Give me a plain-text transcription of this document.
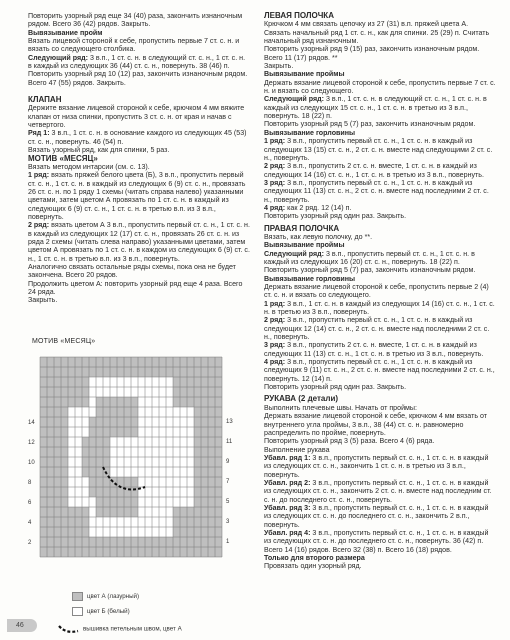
Повторить узорный ряд еще 34 (40) раза, закончить изнаночным рядом. Всего 36 (42) рядов. Закрыть.

Вывязывание пройм

Вязать лицевой стороной к себе, пропустить первые 7 ст. с. н. и вязать со следующего столбика.

Следующий ряд: 3 в.п., 1 ст. с. н. в следующий ст. с. н., 1 ст. с. н. в каждый из следующих 36 (44) ст. с. н., повернуть. 38 (46) п.

Повторить узорный ряд 10 (12) раз, закончить изнаночным рядом. Всего 47 (55) рядов. Закрыть.

КЛАПАН

Держите вязание лицевой стороной к себе, крючком 4 мм вяжите клапан от низа спинки, пропустить 3 ст. с. н. от края и начав с четвертого.

Ряд 1: 3 в.п., 1 ст. с. н. в основание каждого из следующих 45 (53) ст. с. н., повернуть. 46 (54) п.

Вязать узорный ряд, как для спинки, 5 раз.

МОТИВ «МЕСЯЦ»

Вязать методом интарсии (см. с. 13).

1 ряд: вязать пряжей белого цвета (Б), 3 в.п., пропустить первый ст. с. н., 1 ст. с. н. в каждый из следующих 6 (9) ст. с. н., провязать 26 ст. с. н. по 1 ряду 1 схемы (читать справа налево) указанными цветами, затем цветом А провязать по 1 ст. с. н. в каждый из следующих 6 (9) ст. с. н., 1 ст. с. н. в третью в.п. из 3 в.п., повернуть.

2 ряд: вязать цветом А 3 в.п., пропустить первый ст. с. н., 1 ст. с. н. в каждый из следующих 12 (17) ст. с. н., провязать 26 ст. с. н. из ряда 2 схемы (читать слева направо) указанными цветами, затем цветом А провязать по 1 ст. с. н. в каждом из следующих 6 (9) ст. с. н., 1 ст. с. н. в третью в.п. из 3 в.п., повернуть.

Аналогично связать остальные ряды схемы, пока она не будет закончена. Всего 20 рядов.

Продолжить цветом А: повторить узорный ряд еще 4 раза. Всего 24 ряда.

Закрыть.

МОТИВ «МЕСЯЦ»
13
11
9
7
5
3
1
14
12
10
8
6
4
2
цвет А (лазурный)
цвет Б (белый)
вышивка петельным швом, цвет А
46

ЛЕВАЯ ПОЛОЧКА

Крючком 4 мм связать цепочку из 27 (31) в.п. пряжей цвета А.

Связать начальный ряд 1 ст. с. н., как для спинки. 25 (29) п. Считать начальный ряд изнаночным.

Повторить узорный ряд 9 (15) раз, закончить изнаночным рядом. Всего 11 (17) рядов. **

Закрыть.

Вывязывание проймы

Держать вязание лицевой стороной к себе, пропустить первые 7 ст. с. н. и вязать со следующего.

Следующий ряд: 3 в.п., 1 ст. с. н. в следующий ст. с. н., 1 ст. с. н. в каждый из следующих 15 ст. с. н., 1 ст. с. н. в третью из 3 в.п., повернуть. 18 (22) п.

Повторить узорный ряд 5 (7) раз, закончить изнаночным рядом.

Вывязывание горловины

1 ряд: 3 в.п., пропустить первый ст. с. н., 1 ст. с. н. в каждый из следующих 13 (15) ст. с. н., 2 ст. с. н. вместе над следующими 2 ст. с. н., повернуть.

2 ряд: 3 в.п., пропустить 2 ст. с. н. вместе, 1 ст. с. н. в каждый из следующих 14 (16) ст. с. н., 1 ст. с. н. в третью из 3 в.п., повернуть.

3 ряд: 3 в.п., пропустить первый ст. с. н., 1 ст. с. н. в каждый из следующих 11 (13) ст. с. н., 2 ст. с. н. вместе над последними 2 ст. с. н., повернуть.

4 ряд: как 2 ряд. 12 (14) п.

Повторить узорный ряд один раз. Закрыть.

ПРАВАЯ ПОЛОЧКА

Вязать, как левую полочку, до **.

Вывязывание проймы

Следующий ряд: 3 в.п., пропустить первый ст. с. н., 1 ст. с. н. в каждый из следующих 16 (20) ст. с. н., повернуть. 18 (22) п.

Повторить узорный ряд 5 (7) раз, закончить изнаночным рядом.

Вывязывание горловины

Держать вязание лицевой стороной к себе, пропустить первые 2 (4) ст. с. н. и вязать со следующего.

1 ряд: 3 в.п., 1 ст. с. н. в каждый из следующих 14 (16) ст. с. н., 1 ст. с. н. в третью из 3 в.п., повернуть.

2 ряд: 3 в.п., пропустить первый ст. с. н., 1 ст. с. н. в каждый из следующих 12 (14) ст. с. н., 2 ст. с. н. вместе над последними 2 ст. с. н., повернуть.

3 ряд: 3 в.п., пропустить 2 ст. с. н. вместе, 1 ст. с. н. в каждый из следующих 11 (13) ст. с. н., 1 ст. с. н. в третью из 3 в.п., повернуть.

4 ряд: 3 в.п., пропустить первый ст. с. н., 1 ст. с. н. в каждый из следующих 9 (11) ст. с. н., 2 ст. с. н. вместе над последними 2 ст. с. н., повернуть. 12 (14) п.

Повторить узорный ряд один раз. Закрыть.

РУКАВА (2 детали)

Выполнить плечевые швы. Начать от проймы:

Держать вязание лицевой стороной к себе, крючком 4 мм вязать от внутреннего угла проймы, 3 в.п., 38 (44) ст. с. н. равномерно распределить по пройме, повернуть.

Повторить узорный ряд 3 (5) раза. Всего 4 (6) ряда.

Выполнение рукава

Убавл. ряд 1: 3 в.п., пропустить первый ст. с. н., 1 ст. с. н. в каждый из следующих ст. с. н., закончить 1 ст. с. н. в третью из 3 в.п., повернуть.

Убавл. ряд 2: 3 в.п., пропустить первый ст. с. н., 1 ст. с. н. в каждый из следующих ст. с. н., закончить 2 ст. с. н. вместе над последним ст. с. н. до последнего ст. с. н., повернуть.

Убавл. ряд 3: 3 в.п., пропустить первый ст. с. н., 1 ст. с. н. в каждый из следующих ст. с. н. до последнего ст. с. н., закончить 2 в.п., повернуть.

Убавл. ряд 4: 3 в.п., пропустить первый ст. с. н., 1 ст. с. н. в каждый из следующих ст. с. н. до последнего ст. с. н., повернуть. 36 (42) п. Всего 14 (16) рядов. Всего 32 (38) п. Всего 16 (18) рядов.

Только для второго размера

Провязать один узорный ряд.
